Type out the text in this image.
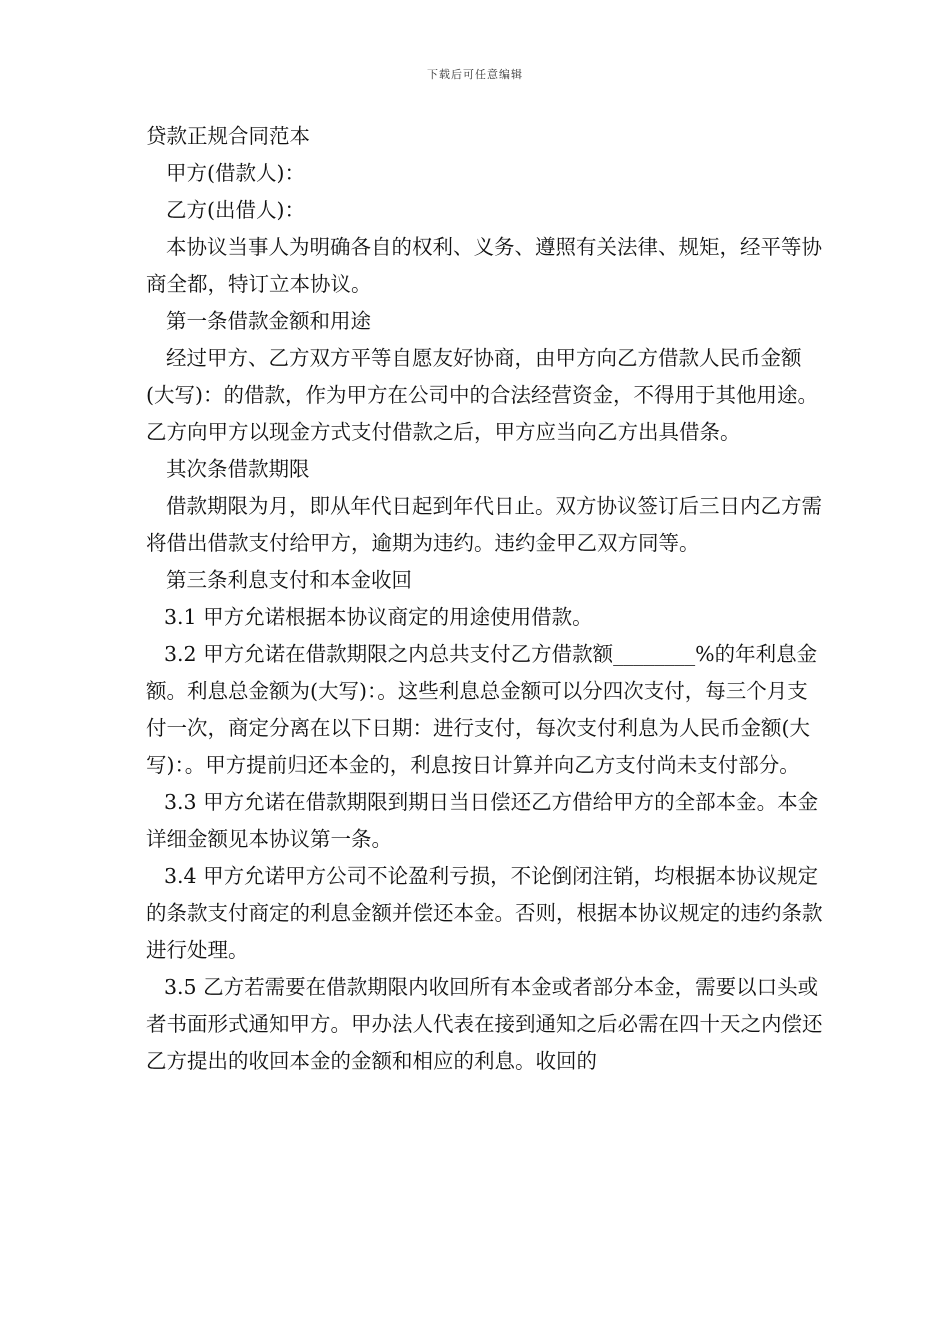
下载后可任意编辑

贷款正规合同范本

甲方(借款人)：

乙方(出借人)：

本协议当事人为明确各自的权利、义务、遵照有关法律、规矩，经平等协商全都，特订立本协议。

第一条借款金额和用途

经过甲方、乙方双方平等自愿友好协商，由甲方向乙方借款人民币金额(大写)：的借款，作为甲方在公司中的合法经营资金，不得用于其他用途。乙方向甲方以现金方式支付借款之后，甲方应当向乙方出具借条。

其次条借款期限

借款期限为月，即从年代日起到年代日止。双方协议签订后三日内乙方需将借出借款支付给甲方，逾期为违约。违约金甲乙双方同等。

第三条利息支付和本金收回

3.1 甲方允诺根据本协议商定的用途使用借款。

3.2 甲方允诺在借款期限之内总共支付乙方借款额________%的年利息金额。利息总金额为(大写)：。这些利息总金额可以分四次支付，每三个月支付一次，商定分离在以下日期：进行支付，每次支付利息为人民币金额(大写)：。甲方提前归还本金的，利息按日计算并向乙方支付尚未支付部分。

3.3 甲方允诺在借款期限到期日当日偿还乙方借给甲方的全部本金。本金详细金额见本协议第一条。

3.4 甲方允诺甲方公司不论盈利亏损，不论倒闭注销，均根据本协议规定的条款支付商定的利息金额并偿还本金。否则，根据本协议规定的违约条款进行处理。

3.5 乙方若需要在借款期限内收回所有本金或者部分本金，需要以口头或者书面形式通知甲方。甲办法人代表在接到通知之后必需在四十天之内偿还乙方提出的收回本金的金额和相应的利息。收回的
